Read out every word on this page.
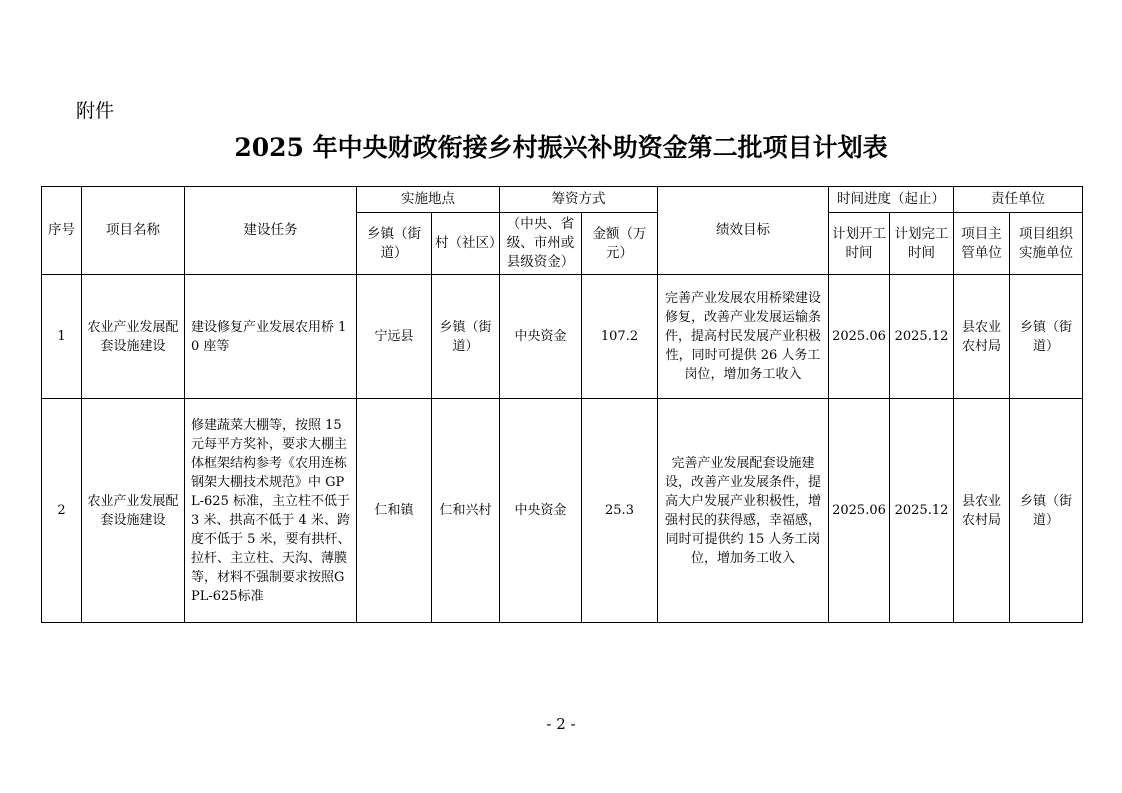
附件
2025 年中央财政衔接乡村振兴补助资金第二批项目计划表
序号	项目名称	建设任务	实施地点		筹资方式		绩效目标	时间进度（起止）		责任单位	
			乡镇（街道）	村（社区）	（中央、省级、市州或县级资金）	金额（万元）		计划开工时间	计划完工时间	项目主管单位	项目组织实施单位
1	农业产业发展配套设施建设	建设修复产业发展农用桥 10 座等	宁远县	乡镇（街道）	中央资金	107.2	完善产业发展农用桥梁建设修复，改善产业发展运输条件，提高村民发展产业积极性，同时可提供 26 人务工岗位，增加务工收入	2025.06	2025.12	县农业农村局	乡镇（街道）
2	农业产业发展配套设施建设	修建蔬菜大棚等，按照 15 元每平方奖补，要求大棚主体框架结构参考《农用连栋钢架大棚技术规范》中 GPL-625 标准，主立柱不低于 3 米、拱高不低于 4 米、跨度不低于 5 米，要有拱杆、拉杆、主立柱、天沟、薄膜等，材料不强制要求按照GPL-625标准	仁和镇	仁和兴村	中央资金	25.3	完善产业发展配套设施建设，改善产业发展条件，提高大户发展产业积极性，增强村民的获得感，幸福感，同时可提供约 15 人务工岗位，增加务工收入	2025.06	2025.12	县农业农村局	乡镇（街道）
- 2 -
